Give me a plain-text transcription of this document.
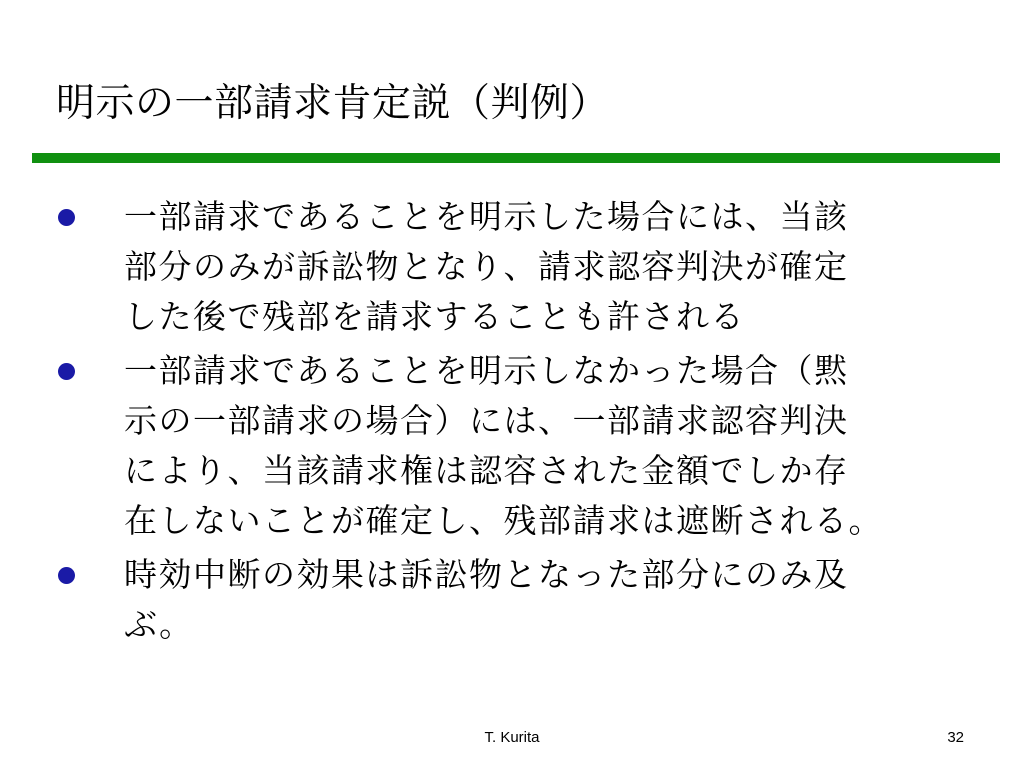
明示の一部請求肯定説（判例）
一部請求であることを明示した場合には、当該
部分のみが訴訟物となり、請求認容判決が確定
した後で残部を請求することも許される
一部請求であることを明示しなかった場合（黙
示の一部請求の場合）には、一部請求認容判決
により、当該請求権は認容された金額でしか存
在しないことが確定し、残部請求は遮断される。
時効中断の効果は訴訟物となった部分にのみ及
ぶ。
T. Kurita	32
